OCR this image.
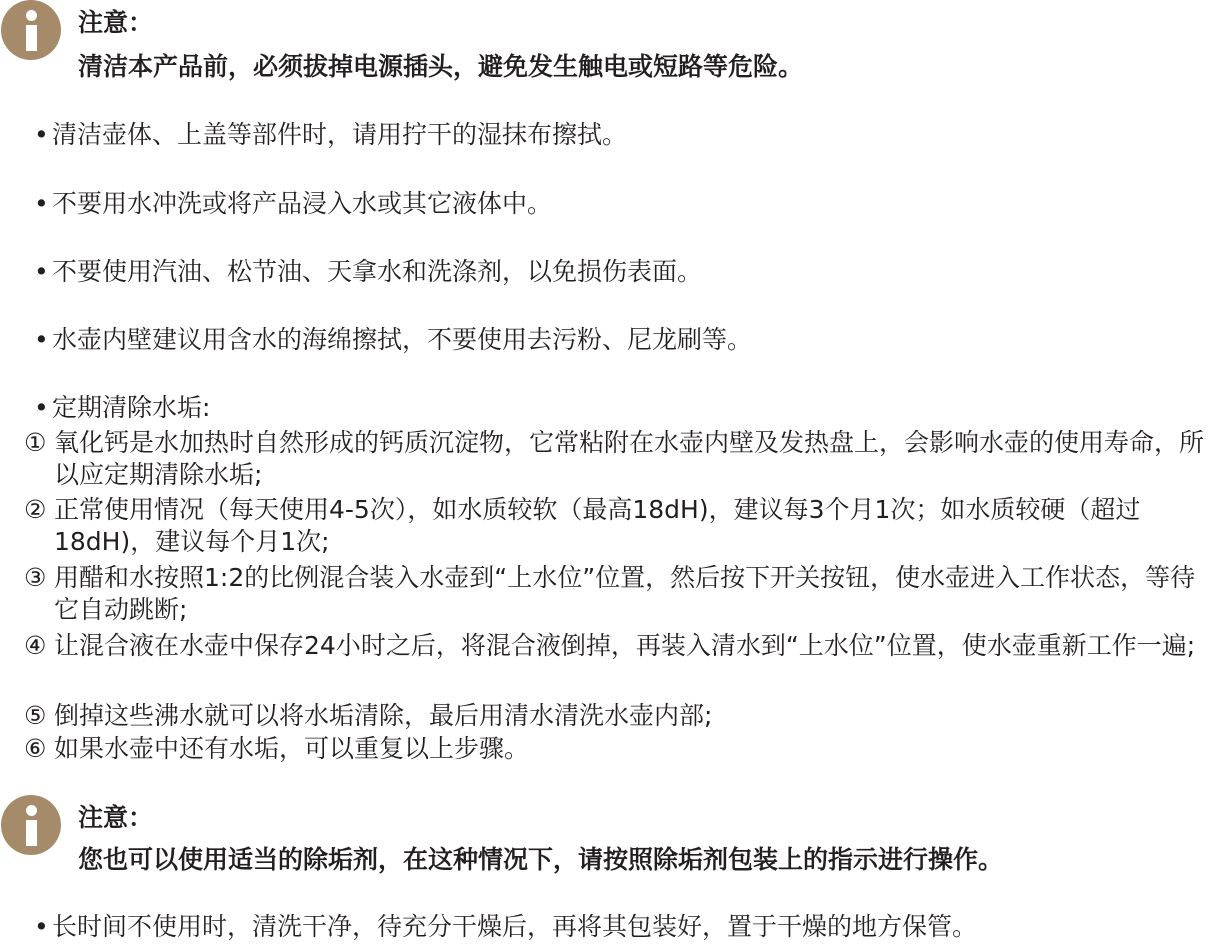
注意：
清洁本产品前，必须拔掉电源插头，避免发生触电或短路等危险。
• 清洁壶体、上盖等部件时，请用拧干的湿抹布擦拭。
• 不要用水冲洗或将产品浸入水或其它液体中。
• 不要使用汽油、松节油、天拿水和洗涤剂，以免损伤表面。
• 水壶内壁建议用含水的海绵擦拭，不要使用去污粉、尼龙刷等。
• 定期清除水垢:
① 氧化钙是水加热时自然形成的钙质沉淀物，它常粘附在水壶内壁及发热盘上，会影响水壶的使用寿命，所以应定期清除水垢;
② 正常使用情况（每天使用4-5次），如水质较软（最高18dH)，建议每3个月1次；如水质较硬（超过18dH)，建议每个月1次;
③ 用醋和水按照1:2的比例混合装入水壶到“上水位”位置，然后按下开关按钮，使水壶进入工作状态，等待它自动跳断;
④ 让混合液在水壶中保存24小时之后，将混合液倒掉，再装入清水到“上水位”位置，使水壶重新工作一遍;
⑤ 倒掉这些沸水就可以将水垢清除，最后用清水清洗水壶内部;
⑥ 如果水壶中还有水垢，可以重复以上步骤。
注意：
您也可以使用适当的除垢剂，在这种情况下，请按照除垢剂包装上的指示进行操作。
• 长时间不使用时，清洗干净，待充分干燥后，再将其包装好，置于干燥的地方保管。
